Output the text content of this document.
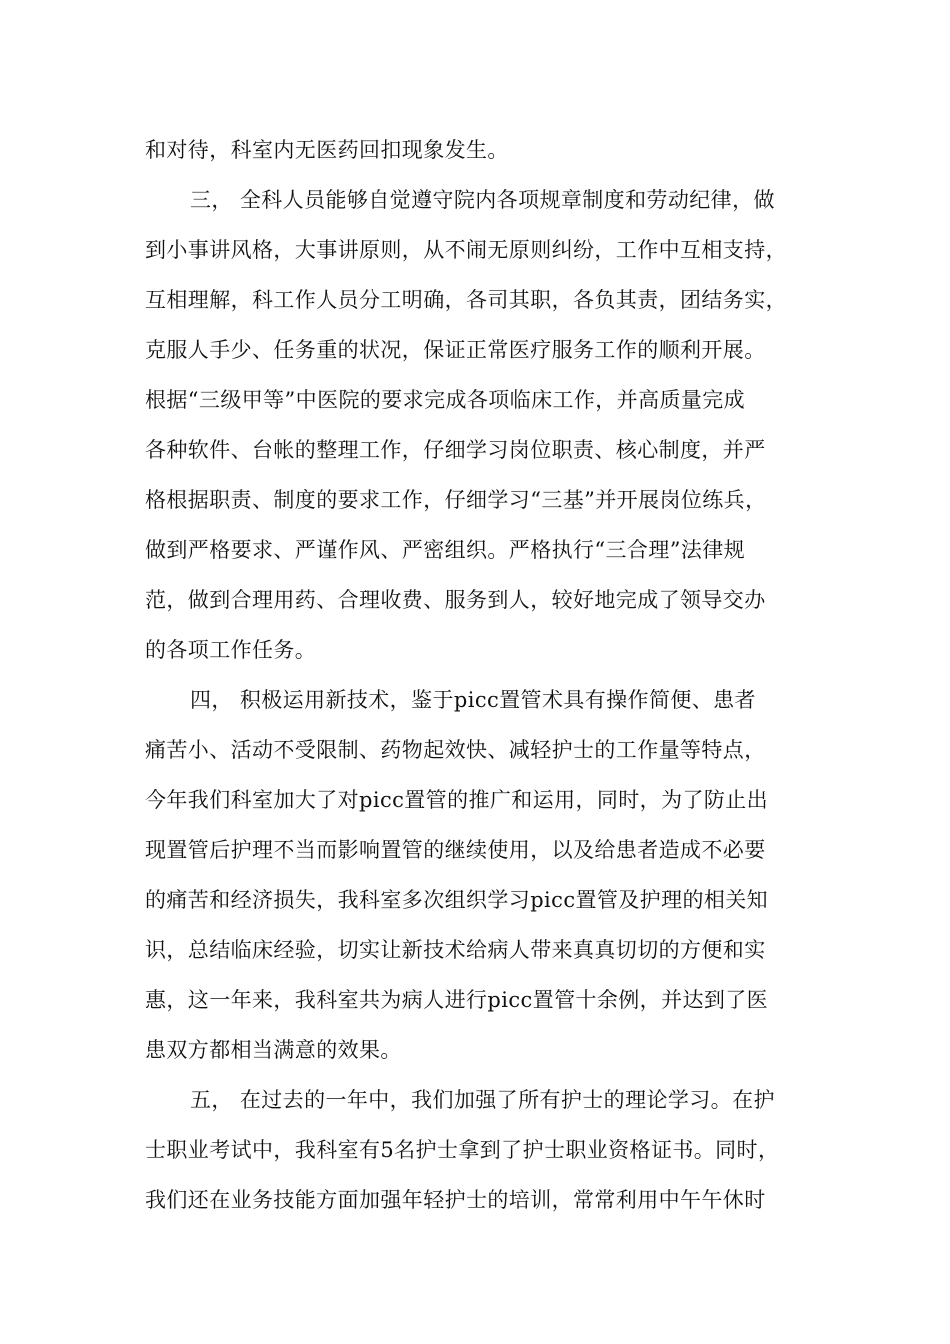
和对待，科室内无医药回扣现象发生。
三， 全科人员能够自觉遵守院内各项规章制度和劳动纪律，做
到小事讲风格，大事讲原则，从不闹无原则纠纷，工作中互相支持，
互相理解，科工作人员分工明确，各司其职，各负其责，团结务实，
克服人手少、任务重的状况，保证正常医疗服务工作的顺利开展。
根据“三级甲等”中医院的要求完成各项临床工作，并高质量完成
各种软件、台帐的整理工作，仔细学习岗位职责、核心制度，并严
格根据职责、制度的要求工作，仔细学习“三基”并开展岗位练兵，
做到严格要求、严谨作风、严密组织。严格执行“三合理”法律规
范，做到合理用药、合理收费、服务到人，较好地完成了领导交办
的各项工作任务。
四， 积极运用新技术，鉴于picc置管术具有操作简便、患者
痛苦小、活动不受限制、药物起效快、减轻护士的工作量等特点，
今年我们科室加大了对picc置管的推广和运用，同时，为了防止出
现置管后护理不当而影响置管的继续使用，以及给患者造成不必要
的痛苦和经济损失，我科室多次组织学习picc置管及护理的相关知
识，总结临床经验，切实让新技术给病人带来真真切切的方便和实
惠，这一年来，我科室共为病人进行picc置管十余例，并达到了医
患双方都相当满意的效果。
五， 在过去的一年中，我们加强了所有护士的理论学习。在护
士职业考试中，我科室有5名护士拿到了护士职业资格证书。同时，
我们还在业务技能方面加强年轻护士的培训，常常利用中午午休时
